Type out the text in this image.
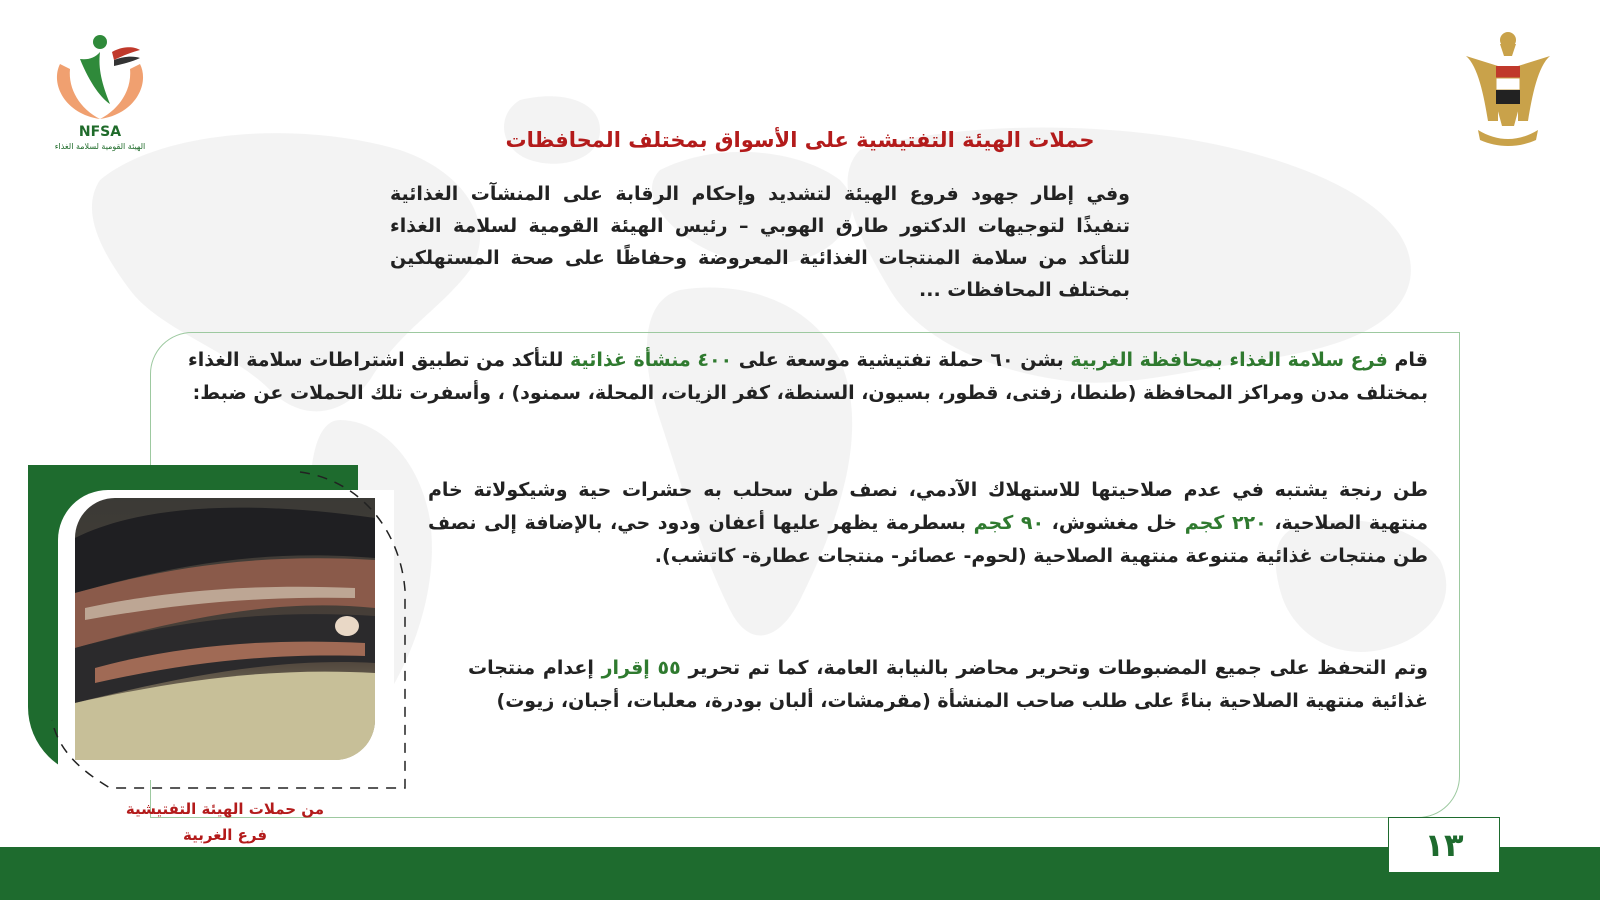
NFSA
الهيئة القومية لسلامة الغذاء	حملات الهيئة التفتيشية على الأسواق بمختلف المحافظات
وفي إطار جهود فروع الهيئة لتشديد وإحكام الرقابة على المنشآت الغذائية تنفيذًا لتوجيهات الدكتور طارق الهوبي – رئيس الهيئة القومية لسلامة الغذاء للتأكد من سلامة المنتجات الغذائية المعروضة وحفاظًا على صحة المستهلكين بمختلف المحافظات ...

قام فرع سلامة الغذاء بمحافظة الغربية بشن ٦٠ حملة تفتيشية موسعة على ٤٠٠ منشأة غذائية للتأكد من تطبيق اشتراطات سلامة الغذاء بمختلف مدن ومراكز المحافظة (طنطا، زفتى، قطور، بسيون، السنطة، كفر الزيات، المحلة، سمنود) ، وأسفرت تلك الحملات عن ضبط:

طن رنجة يشتبه في عدم صلاحيتها للاستهلاك الآدمي، نصف طن سحلب به حشرات حية وشيكولاتة خام منتهية الصلاحية، ٢٢٠ كجم خل مغشوش، ٩٠ كجم بسطرمة يظهر عليها أعفان ودود حي، بالإضافة إلى نصف طن منتجات غذائية متنوعة منتهية الصلاحية (لحوم- عصائر- منتجات عطارة- كاتشب).

وتم التحفظ على جميع المضبوطات وتحرير محاضر بالنيابة العامة، كما تم تحرير ٥٥ إقرار إعدام منتجات غذائية منتهية الصلاحية بناءً على طلب صاحب المنشأة (مقرمشات، ألبان بودرة، معلبات، أجبان، زيوت)

من حملات الهيئة التفتيشية
فرع الغربية	١٣
